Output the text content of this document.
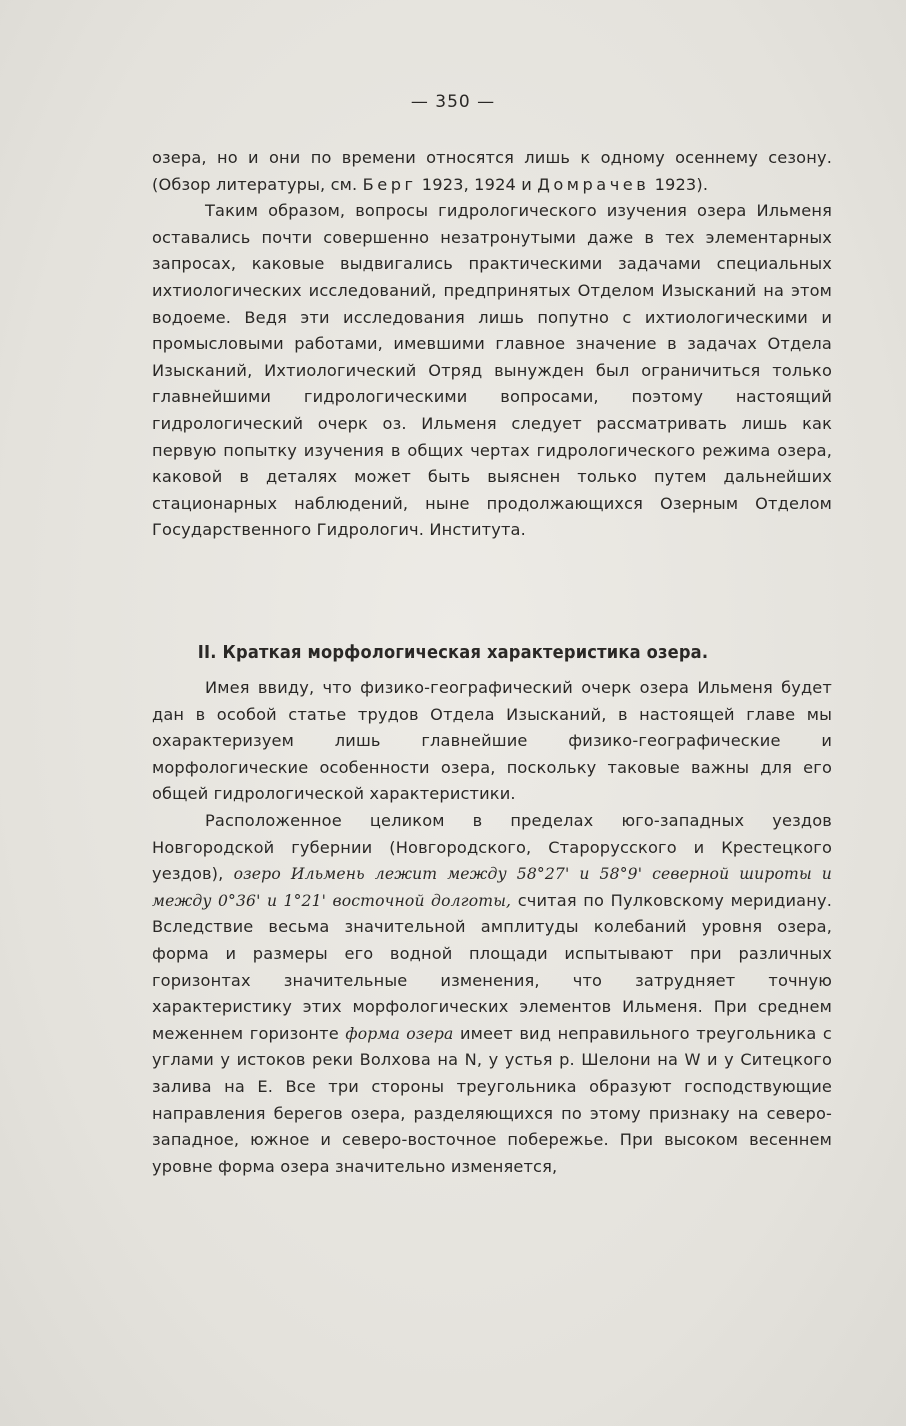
— 350 —

озера, но и они по времени относятся лишь к одному осеннему сезону. (Обзор литературы, см. Берг 1923, 1924 и Домрачев 1923).

Таким образом, вопросы гидрологического изучения озера Ильменя оставались почти совершенно незатронутыми даже в тех элементарных запросах, каковые выдвигались практическими задачами специальных ихтиологических исследований, предпринятых Отделом Изысканий на этом водоеме. Ведя эти исследования лишь попутно с ихтиологическими и промысловыми работами, имевшими главное значение в задачах Отдела Изысканий, Ихтиологический Отряд вынужден был ограничиться только главнейшими гидрологическими вопросами, поэтому настоящий гидрологический очерк оз. Ильменя следует рассматривать лишь как первую попытку изучения в общих чертах гидрологического режима озера, каковой в деталях может быть выяснен только путем дальнейших стационарных наблюдений, ныне продолжающихся Озерным Отделом Государственного Гидрологич. Института.

II. Краткая морфологическая характеристика озера.

Имея ввиду, что физико-географический очерк озера Ильменя будет дан в особой статье трудов Отдела Изысканий, в настоящей главе мы охарактеризуем лишь главнейшие физико-географические и морфологические особенности озера, поскольку таковые важны для его общей гидрологической характеристики.

Расположенное целиком в пределах юго-западных уездов Новгородской губернии (Новгородского, Старорусского и Крестецкого уездов), озеро Ильмень лежит между 58°27' и 58°9' северной широты и между 0°36' и 1°21' восточной долготы, считая по Пулковскому меридиану. Вследствие весьма значительной амплитуды колебаний уровня озера, форма и размеры его водной площади испытывают при различных горизонтах значительные изменения, что затрудняет точную характеристику этих морфологических элементов Ильменя. При среднем меженнем горизонте форма озера имеет вид неправильного треугольника с углами у истоков реки Волхова на N, у устья р. Шелони на W и у Ситецкого залива на E. Все три стороны треугольника образуют господствующие направления берегов озера, разделяющихся по этому признаку на северо-западное, южное и северо-восточное побережье. При высоком весеннем уровне форма озера значительно изменяется,
